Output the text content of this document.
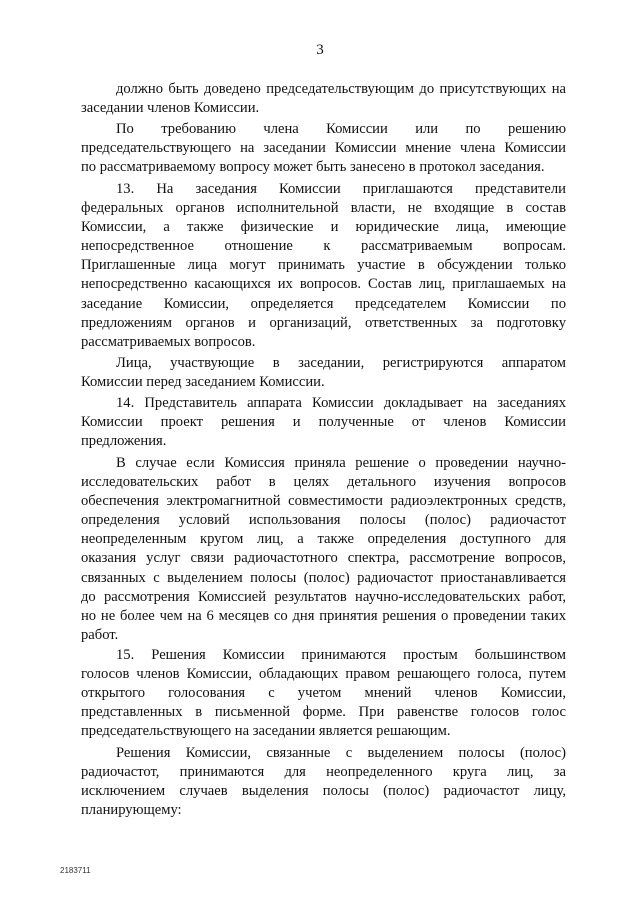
3
должно быть доведено председательствующим до присутствующих на
заседании членов Комиссии.
По требованию члена Комиссии или по решению
председательствующего на заседании Комиссии мнение члена Комиссии
по рассматриваемому вопросу может быть занесено в протокол заседания.
13. На заседания Комиссии приглашаются представители
федеральных органов исполнительной власти, не входящие в состав
Комиссии, а также физические и юридические лица, имеющие
непосредственное отношение к рассматриваемым вопросам.
Приглашенные лица могут принимать участие в обсуждении только
непосредственно касающихся их вопросов. Состав лиц, приглашаемых на
заседание Комиссии, определяется председателем Комиссии по
предложениям органов и организаций, ответственных за подготовку
рассматриваемых вопросов.
Лица, участвующие в заседании, регистрируются аппаратом
Комиссии перед заседанием Комиссии.
14. Представитель аппарата Комиссии докладывает на заседаниях
Комиссии проект решения и полученные от членов Комиссии
предложения.
В случае если Комиссия приняла решение о проведении научно-
исследовательских работ в целях детального изучения вопросов
обеспечения электромагнитной совместимости радиоэлектронных средств,
определения условий использования полосы (полос) радиочастот
неопределенным кругом лиц, а также определения доступного для
оказания услуг связи радиочастотного спектра, рассмотрение вопросов,
связанных с выделением полосы (полос) радиочастот приостанавливается
до рассмотрения Комиссией результатов научно-исследовательских работ,
но не более чем на 6 месяцев со дня принятия решения о проведении таких
работ.
15. Решения Комиссии принимаются простым большинством
голосов членов Комиссии, обладающих правом решающего голоса, путем
открытого голосования с учетом мнений членов Комиссии,
представленных в письменной форме. При равенстве голосов голос
председательствующего на заседании является решающим.
Решения Комиссии, связанные с выделением полосы (полос)
радиочастот, принимаются для неопределенного круга лиц, за
исключением случаев выделения полосы (полос) радиочастот лицу,
планирующему:
2183711
